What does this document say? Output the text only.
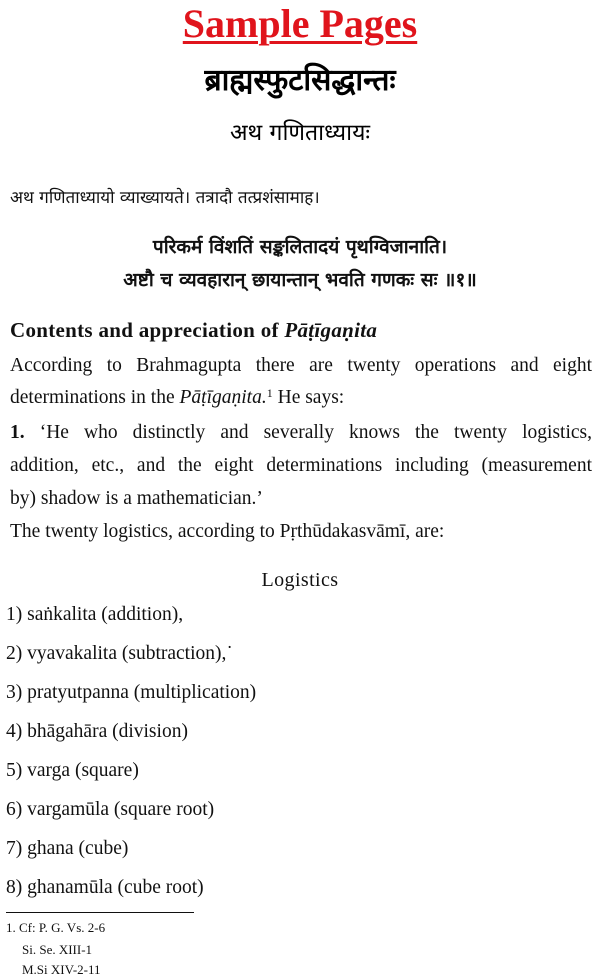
Sample Pages
ब्राह्मस्फुटसिद्धान्तः
अथ गणिताध्यायः
अथ गणिताध्यायो व्याख्यायते। तत्रादौ तत्प्रशंसामाह।
परिकर्म विंशतिं सङ्कलितादयं पृथग्विजानाति।
अष्टौ च व्यवहारान् छायान्तान् भवति गणकः सः ॥१॥
Contents and appreciation of Pāṭīgaṇita
According to Brahmagupta there are twenty operations and eight
determinations in the Pāṭīgaṇita.$^1$ He says:
1. ‘He who distinctly and severally knows the twenty logistics,
addition, etc., and the eight determinations including (measurement
by) shadow is a mathematician.’
The twenty logistics, according to Pṛthūdakasvāmī, are:
Logistics
1) saṅkalita (addition),
2) vyavakalita (subtraction),˙
3) pratyutpanna (multiplication)
4) bhāgahāra (division)
5) varga (square)
6) vargamūla (square root)
7) ghana (cube)
8) ghanamūla (cube root)
1. Cf: P. G. Vs. 2-6
Si. Se. XIII-1
M.Si XIV-2-11
